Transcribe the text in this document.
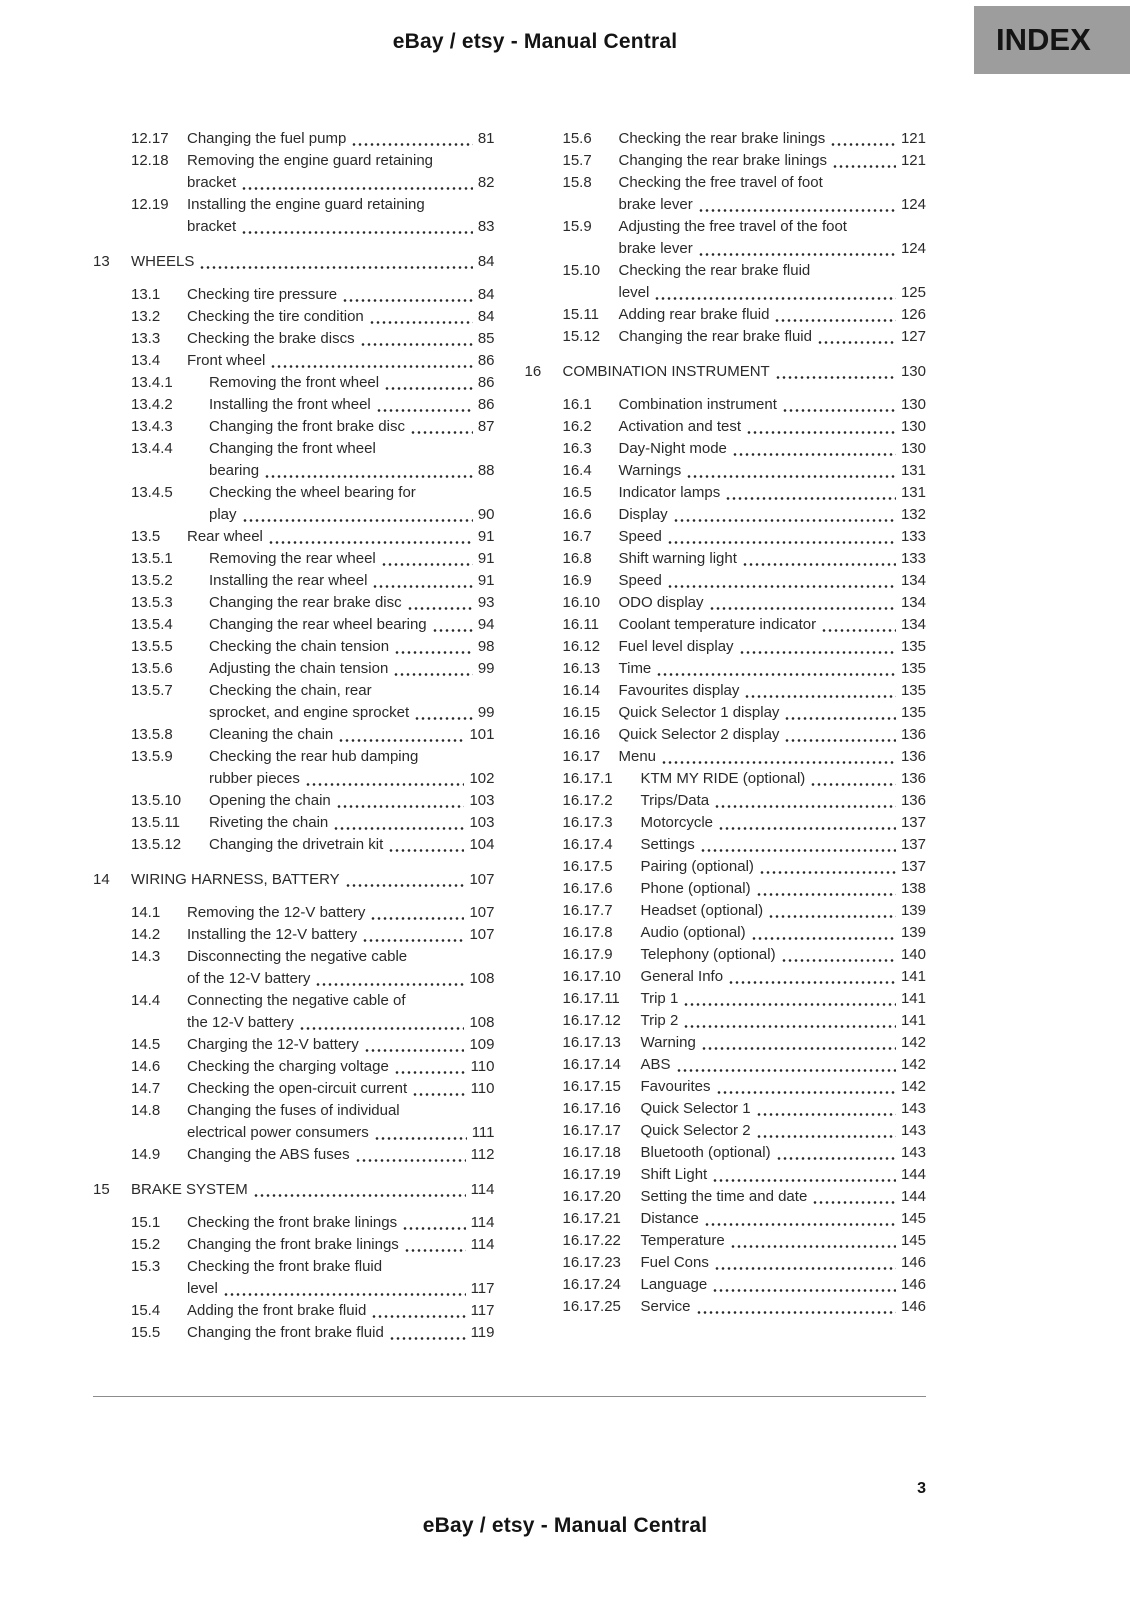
eBay / etsy - Manual Central	INDEX
12.17	Changing the fuel pump	81
12.18	Removing the engine guard retaining
bracket	82
12.19	Installing the engine guard retaining
bracket	83
13	WHEELS	84
13.1	Checking tire pressure	84
13.2	Checking the tire condition	84
13.3	Checking the brake discs	85
13.4	Front wheel	86
13.4.1	Removing the front wheel	86
13.4.2	Installing the front wheel	86
13.4.3	Changing the front brake disc	87
13.4.4	Changing the front wheel
bearing	88
13.4.5	Checking the wheel bearing for
play	90
13.5	Rear wheel	91
13.5.1	Removing the rear wheel	91
13.5.2	Installing the rear wheel	91
13.5.3	Changing the rear brake disc	93
13.5.4	Changing the rear wheel bearing	94
13.5.5	Checking the chain tension	98
13.5.6	Adjusting the chain tension	99
13.5.7	Checking the chain, rear
sprocket, and engine sprocket	99
13.5.8	Cleaning the chain	101
13.5.9	Checking the rear hub damping
rubber pieces	102
13.5.10	Opening the chain	103
13.5.11	Riveting the chain	103
13.5.12	Changing the drivetrain kit	104
14	WIRING HARNESS, BATTERY	107
14.1	Removing the 12-V battery	107
14.2	Installing the 12-V battery	107
14.3	Disconnecting the negative cable
of the 12-V battery	108
14.4	Connecting the negative cable of
the 12-V battery	108
14.5	Charging the 12-V battery	109
14.6	Checking the charging voltage	110
14.7	Checking the open-circuit current	110
14.8	Changing the fuses of individual
electrical power consumers	111
14.9	Changing the ABS fuses	112
15	BRAKE SYSTEM	114
15.1	Checking the front brake linings	114
15.2	Changing the front brake linings	114
15.3	Checking the front brake fluid
level	117
15.4	Adding the front brake fluid	117
15.5	Changing the front brake fluid	119
15.6	Checking the rear brake linings	121
15.7	Changing the rear brake linings	121
15.8	Checking the free travel of foot
brake lever	124
15.9	Adjusting the free travel of the foot
brake lever	124
15.10	Checking the rear brake fluid
level	125
15.11	Adding rear brake fluid	126
15.12	Changing the rear brake fluid	127
16	COMBINATION INSTRUMENT	130
16.1	Combination instrument	130
16.2	Activation and test	130
16.3	Day-Night mode	130
16.4	Warnings	131
16.5	Indicator lamps	131
16.6	Display	132
16.7	Speed	133
16.8	Shift warning light	133
16.9	Speed	134
16.10	ODO display	134
16.11	Coolant temperature indicator	134
16.12	Fuel level display	135
16.13	Time	135
16.14	Favourites display	135
16.15	Quick Selector 1 display	135
16.16	Quick Selector 2 display	136
16.17	Menu	136
16.17.1	KTM MY RIDE (optional)	136
16.17.2	Trips/Data	136
16.17.3	Motorcycle	137
16.17.4	Settings	137
16.17.5	Pairing (optional)	137
16.17.6	Phone (optional)	138
16.17.7	Headset (optional)	139
16.17.8	Audio (optional)	139
16.17.9	Telephony (optional)	140
16.17.10	General Info	141
16.17.11	Trip 1	141
16.17.12	Trip 2	141
16.17.13	Warning	142
16.17.14	ABS	142
16.17.15	Favourites	142
16.17.16	Quick Selector 1	143
16.17.17	Quick Selector 2	143
16.17.18	Bluetooth (optional)	143
16.17.19	Shift Light	144
16.17.20	Setting the time and date	144
16.17.21	Distance	145
16.17.22	Temperature	145
16.17.23	Fuel Cons	146
16.17.24	Language	146
16.17.25	Service	146
3
eBay / etsy - Manual Central
